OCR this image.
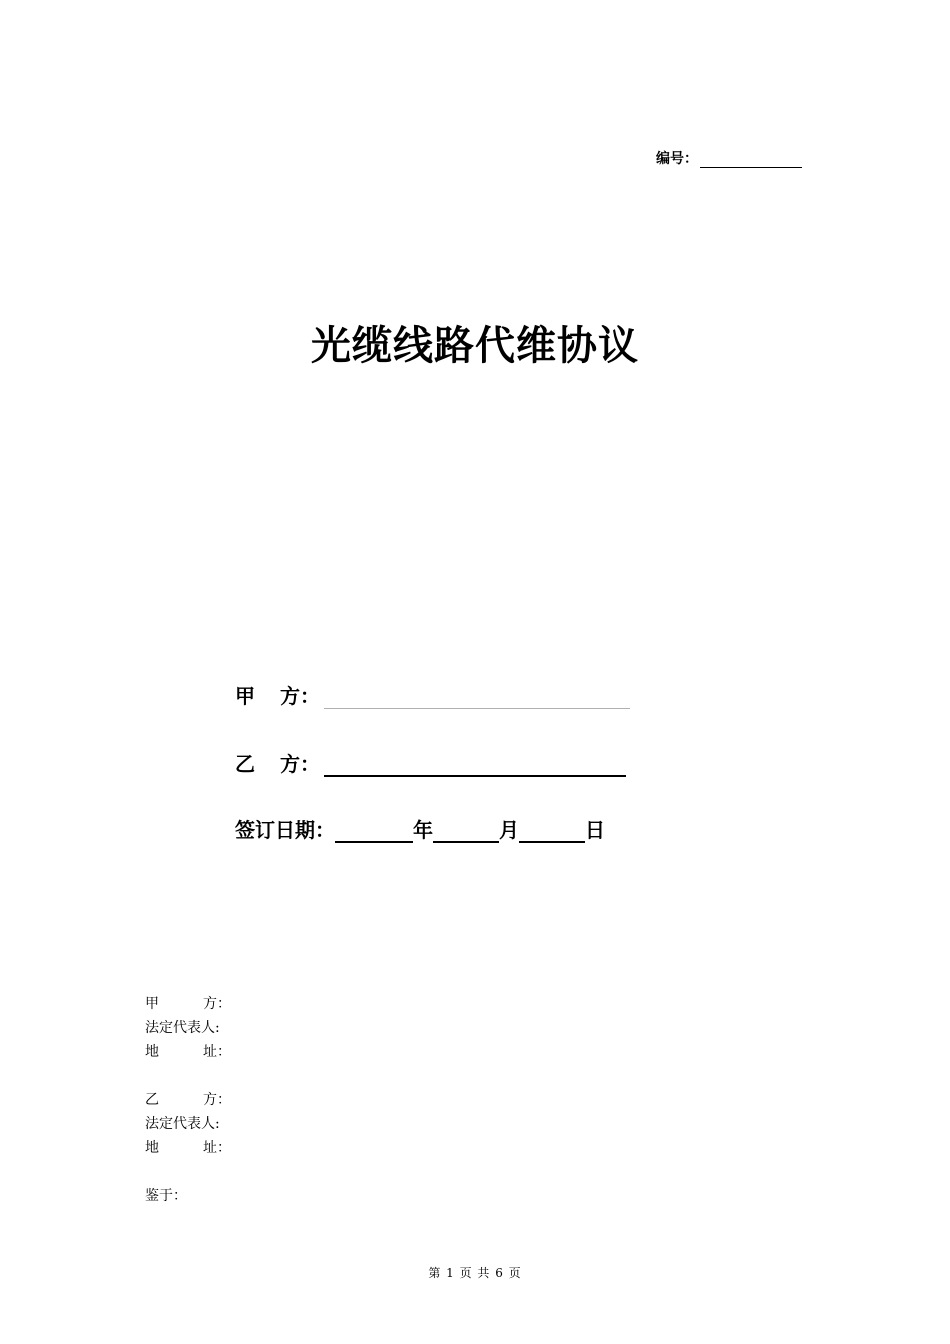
编号：
光缆线路代维协议
甲	方：
乙	方：
签订日期：	年	月	日
甲	方：
法定代表人:
地	址：
乙	方：
法定代表人:
地	址：
鉴于：
第 1 页 共 6 页
